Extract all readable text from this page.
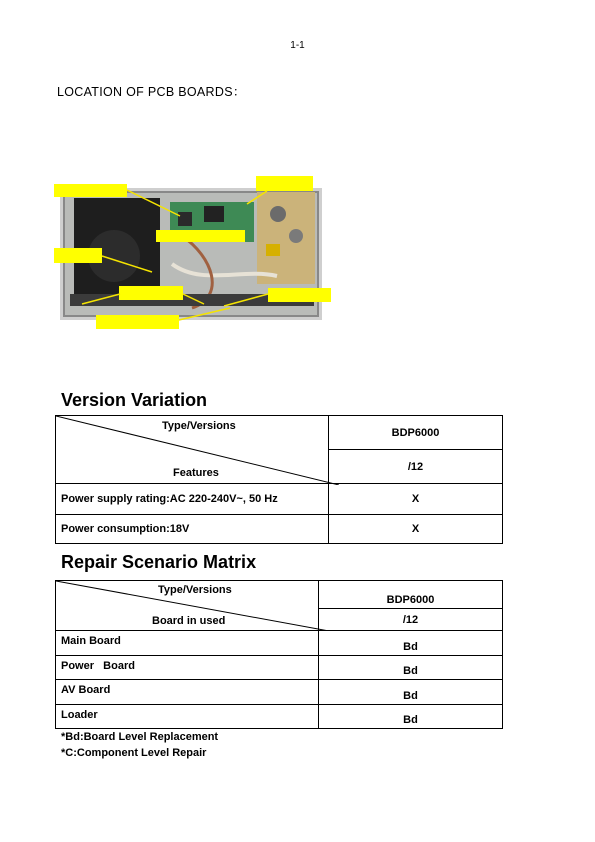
1-1
LOCATION OF PCB BOARDS：
Version Variation
Type/Versions
Features	BDP6000
	/12
Power supply rating:AC 220-240V~, 50 Hz	X
Power consumption:18V	X
Repair Scenario Matrix
Type/Versions
Board in used	BDP6000
	/12
Main Board	Bd
Power   Board	Bd
AV Board	Bd
Loader	Bd
*Bd:Board Level Replacement
*C:Component Level Repair
